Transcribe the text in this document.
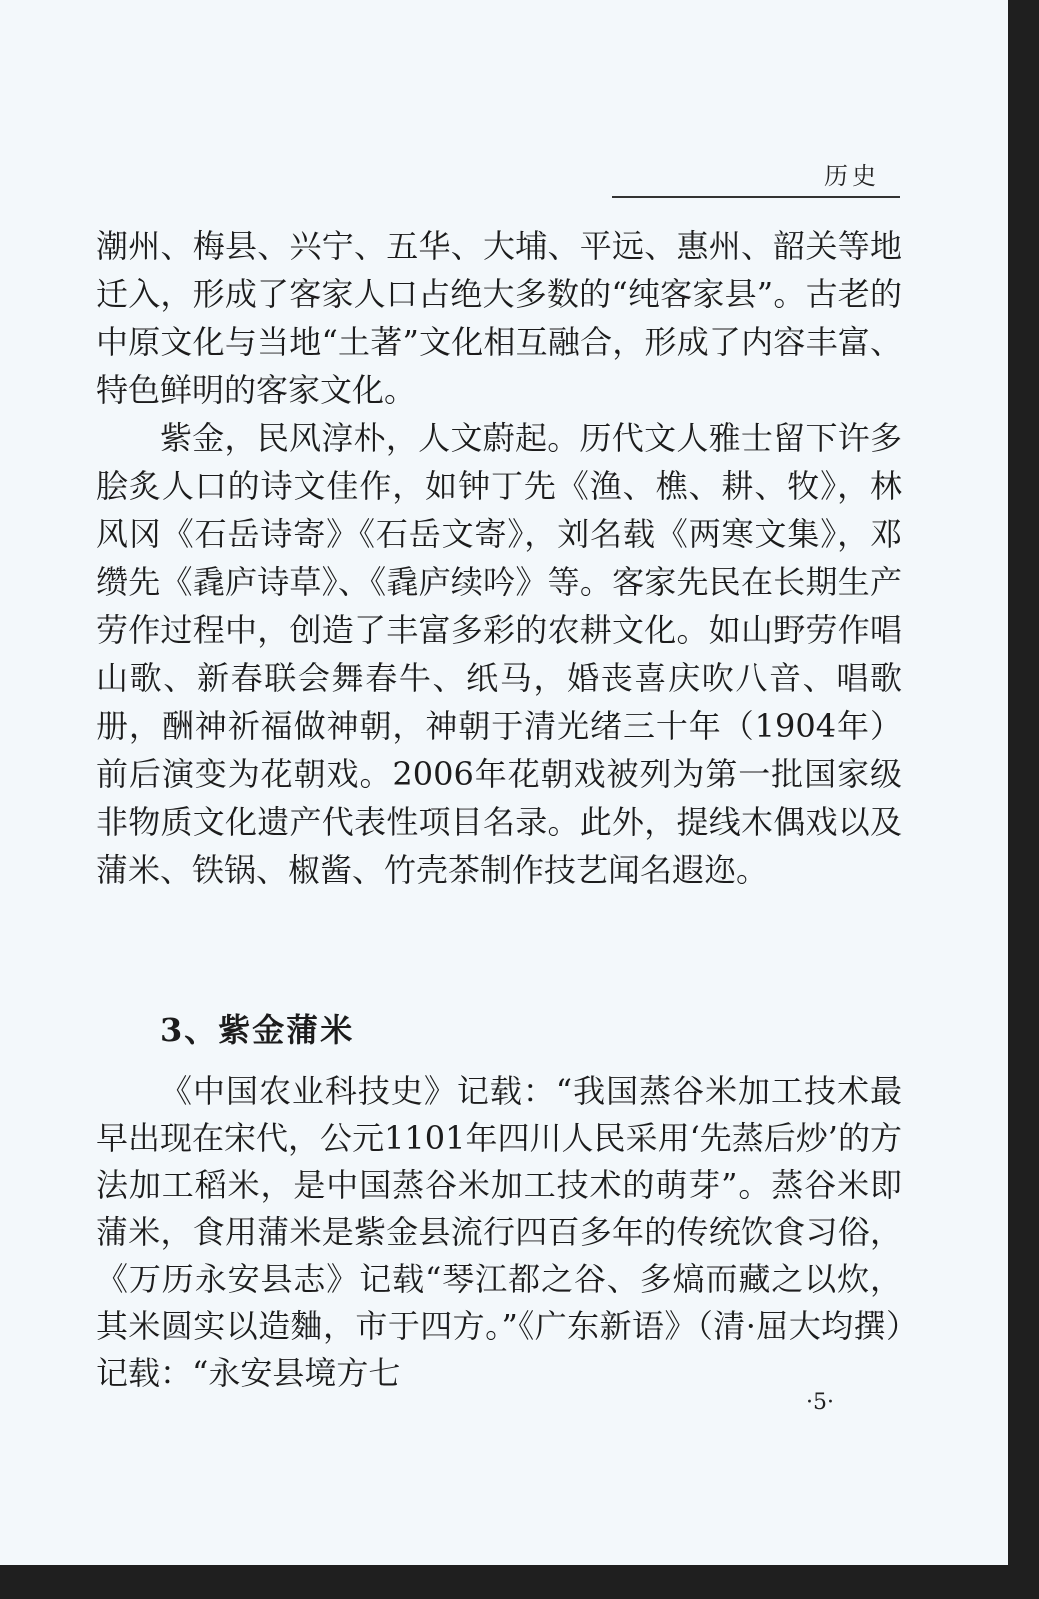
历史

潮州、梅县、兴宁、五华、大埔、平远、惠州、韶关等地迁入，形成了客家人口占绝大多数的“纯客家县”。古老的中原文化与当地“土著”文化相互融合，形成了内容丰富、特色鲜明的客家文化。

紫金，民风淳朴，人文蔚起。历代文人雅士留下许多脍炙人口的诗文佳作，如钟丁先《渔、樵、耕、牧》，林风冈《石岳诗寄》《石岳文寄》，刘名载《两寒文集》，邓缵先《毳庐诗草》、《毳庐续吟》等。客家先民在长期生产劳作过程中，创造了丰富多彩的农耕文化。如山野劳作唱山歌、新春联会舞春牛、纸马，婚丧喜庆吹八音、唱歌册，酬神祈福做神朝，神朝于清光绪三十年（1904年）前后演变为花朝戏。2006年花朝戏被列为第一批国家级非物质文化遗产代表性项目名录。此外，提线木偶戏以及蒲米、铁锅、椒酱、竹壳茶制作技艺闻名遐迩。

3、紫金蒲米

《中国农业科技史》记载：“我国蒸谷米加工技术最早出现在宋代，公元1101年四川人民采用‘先蒸后炒’的方法加工稻米，是中国蒸谷米加工技术的萌芽”。蒸谷米即蒲米，食用蒲米是紫金县流行四百多年的传统饮食习俗，《万历永安县志》记载“琴江都之谷、多熇而藏之以炊，其米圆实以造麯，市于四方。”《广东新语》（清·屈大均撰）记载：“永安县境方七

·5·
